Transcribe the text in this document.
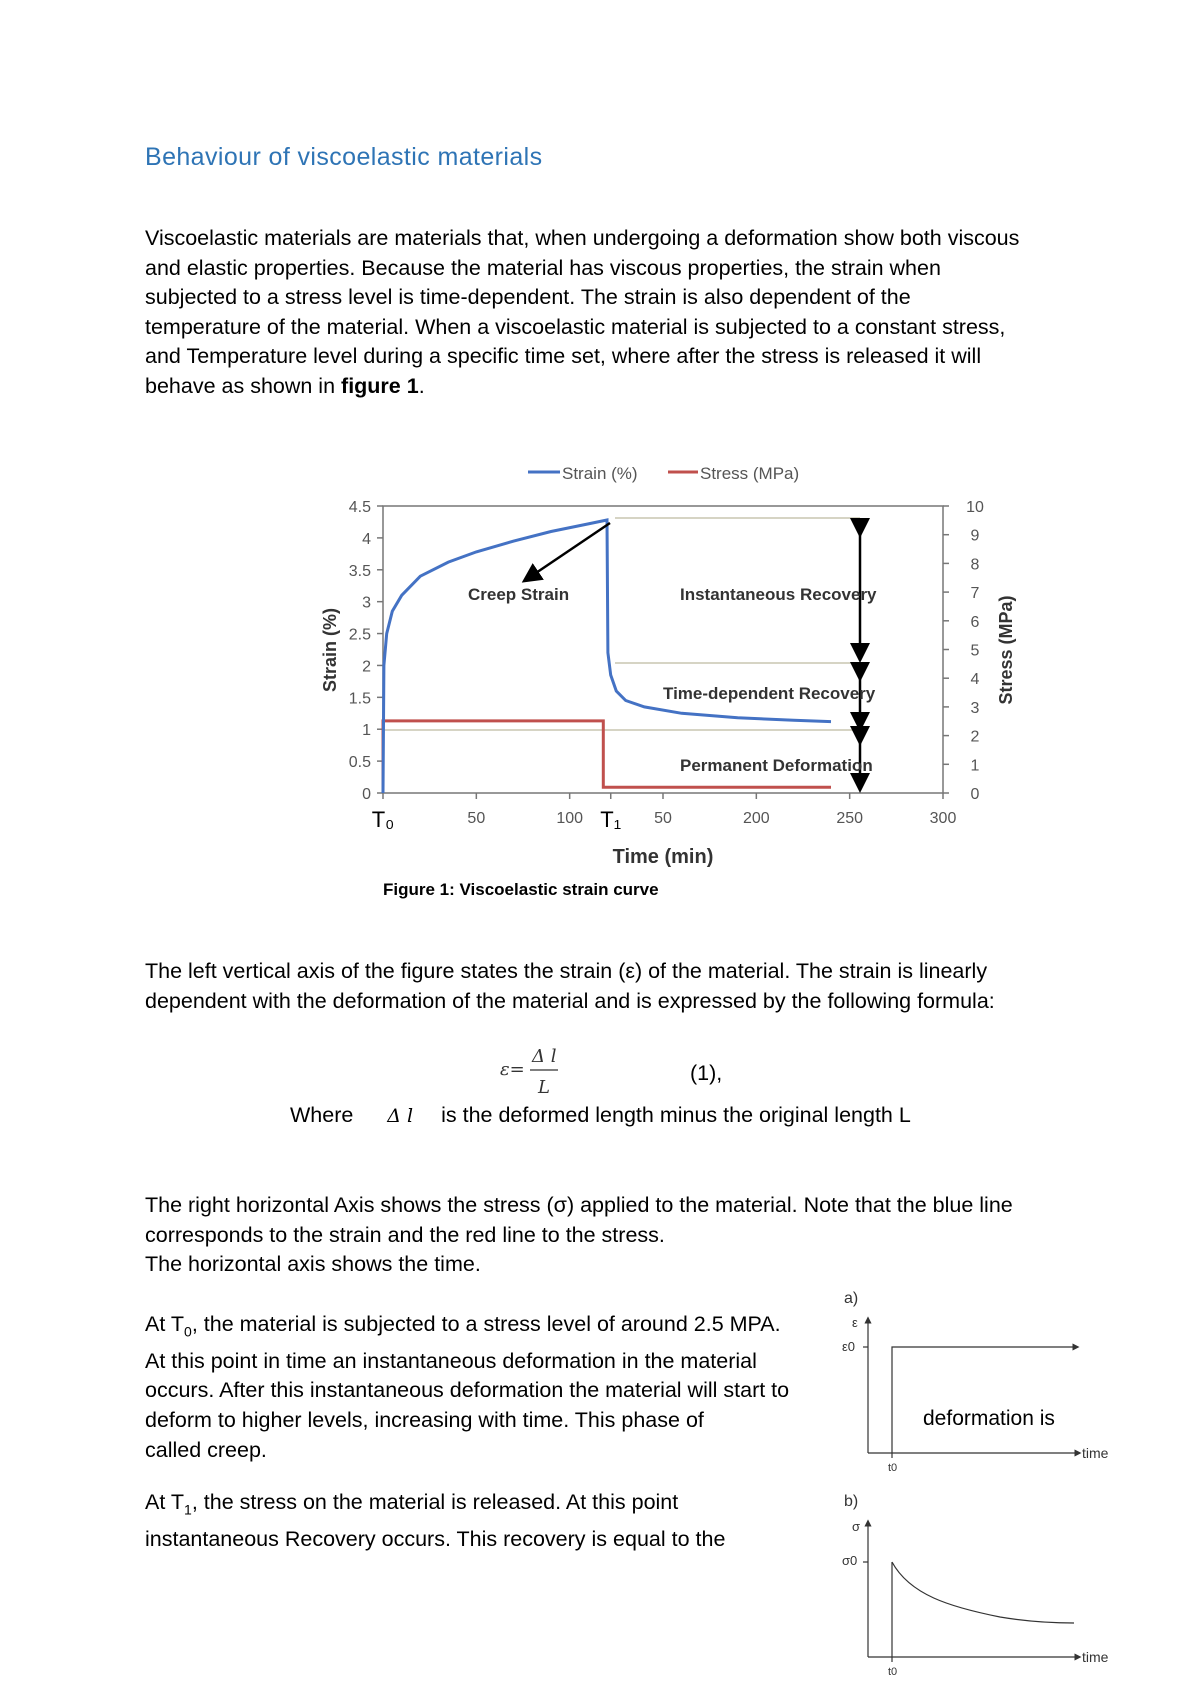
Behaviour of viscoelastic materials
Viscoelastic materials are materials that, when undergoing a deformation show both viscous
and elastic properties. Because the material has viscous properties, the strain when
subjected to a stress level is time-dependent. The strain is also dependent of the
temperature of the material. When a viscoelastic material is subjected to a constant stress,
and Temperature level during a specific time set, where after the stress is released it will
behave as shown in figure 1.
Strain (%)	Stress (MPa)
0
0.5
1
1.5
2
2.5
3
3.5
4
4.5
0
1
2
3
4
5
6
7
8
9
10
T₀	50	100 T₁ 50	200	250	300
Creep Strain	Instantaneous Recovery
Time-dependent Recovery
Permanent Deformation
Strain (%)	Stress (MPa)
Time (min)
Figure 1: Viscoelastic strain curve
The left vertical axis of the figure states the strain (ε) of the material. The strain is linearly
dependent with the deformation of the material and is expressed by the following formula:
ε=
Δ l
L
(1),
Where Δ l is the deformed length minus the original length L
The right horizontal Axis shows the stress (σ) applied to the material. Note that the blue line
corresponds to the strain and the red line to the stress.
The horizontal axis shows the time.
At $T_0$, the material is subjected to a stress level of around 2.5 MPA.
At this point in time an instantaneous deformation in the material
occurs. After this instantaneous deformation the material will start to
deform to higher levels, increasing with time. This phase of
called creep.
At $T_1$, the stress on the material is released. At this point
instantaneous Recovery occurs. This recovery is equal to the
a)
ε
ε0
t0
time
deformation is
b)
σ
σ0
t0
time
